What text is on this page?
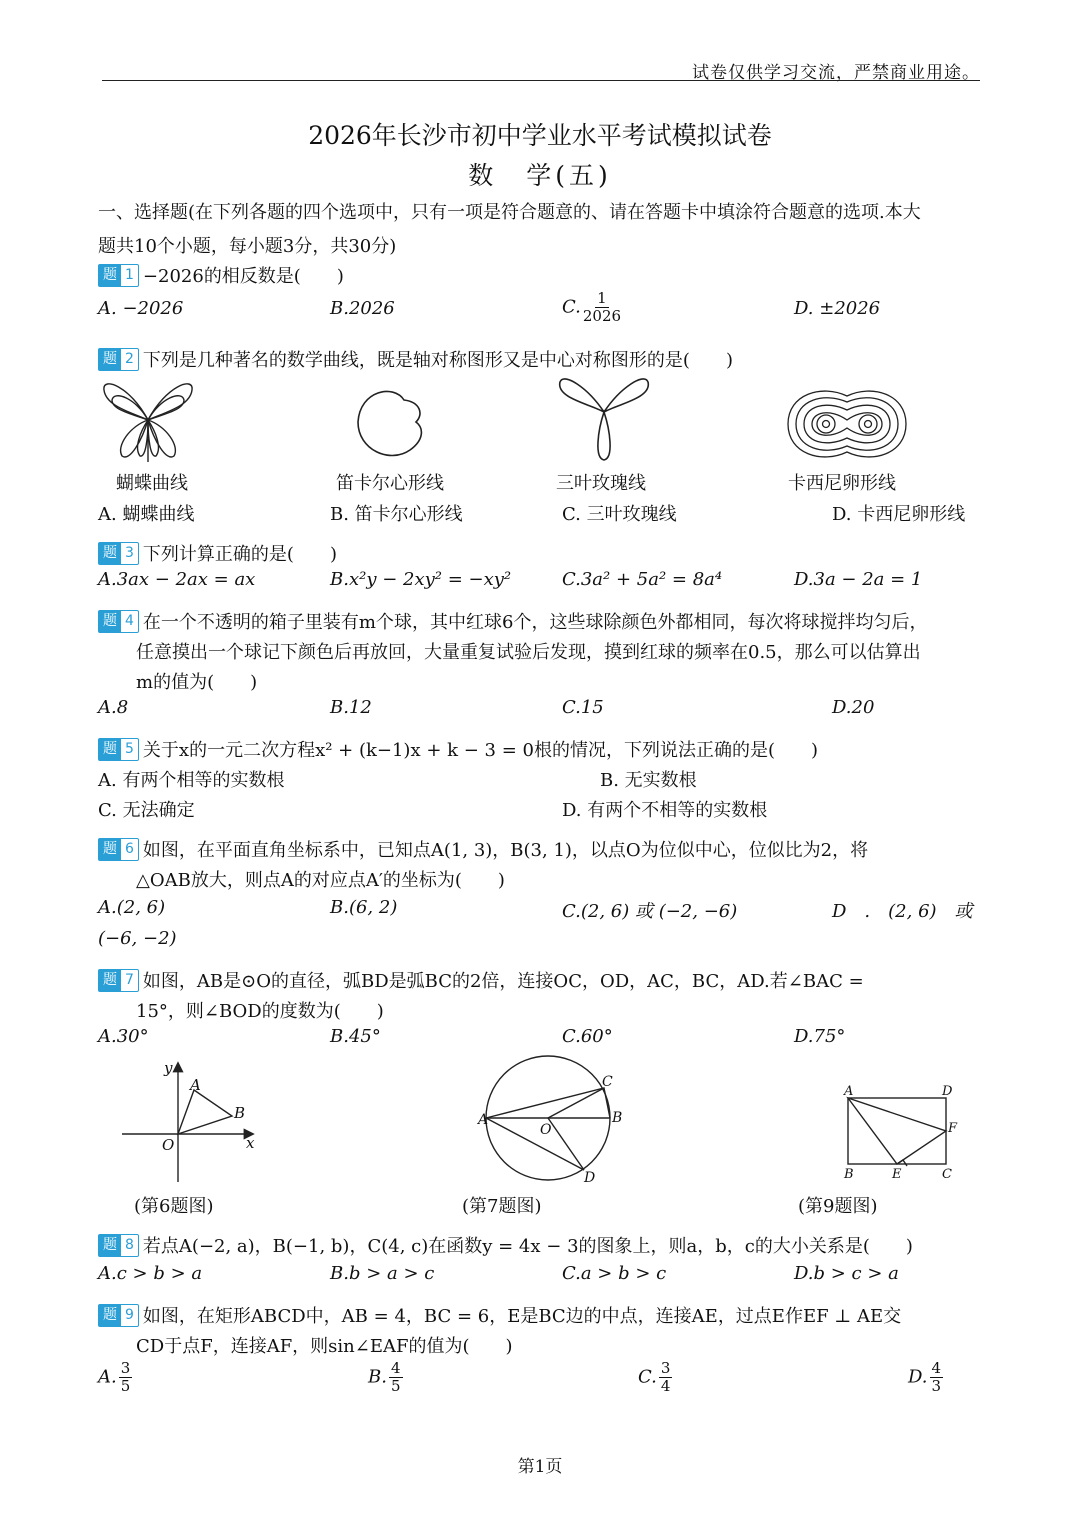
试卷仅供学习交流，严禁商业用途。
2026年长沙市初中学业水平考试模拟试卷
数　学(五)
一、选择题(在下列各题的四个选项中，只有一项是符合题意的、请在答题卡中填涂符合题意的选项.本大
题共10个小题，每小题3分，共30分)
题 1 −2026的相反数是(　　)
A. −2026	B.2026	C. $\frac{1}{2026}$	D. ±2026
题 2 下列是几种著名的数学曲线，既是轴对称图形又是中心对称图形的是(　　)
蝴蝶曲线	笛卡尔心形线	三叶玫瑰线	卡西尼卵形线
A. 蝴蝶曲线	B. 笛卡尔心形线	C. 三叶玫瑰线	D. 卡西尼卵形线
题 3 下列计算正确的是(　　)
A.3ax − 2ax = ax	B.x²y − 2xy² = −xy²	C.3a² + 5a² = 8a⁴	D.3a − 2a = 1
题 4 在一个不透明的箱子里装有m个球，其中红球6个，这些球除颜色外都相同，每次将球搅拌均匀后，
任意摸出一个球记下颜色后再放回，大量重复试验后发现，摸到红球的频率在0.5，那么可以估算出
m的值为(　　)
A.8	B.12	C.15	D.20
题 5 关于x的一元二次方程x² + (k−1)x + k − 3 = 0根的情况，下列说法正确的是(　　)
A. 有两个相等的实数根	B. 无实数根
C. 无法确定	D. 有两个不相等的实数根
题 6 如图，在平面直角坐标系中，已知点A(1, 3)，B(3, 1)，以点O为位似中心，位似比为2，将
△OAB放大，则点A的对应点A′的坐标为(　　)
A.(2, 6)	B.(6, 2)	C.(2, 6) 或 (−2, −6)	D　.　(2, 6)　或
(−6, −2)
题 7 如图，AB是⊙O的直径，弧BD是弧BC的2倍，连接OC，OD，AC，BC，AD.若∠BAC =
15°，则∠BOD的度数为(　　)
A.30°	B.45°	C.60°	D.75°
y
x
O
A
B
(第6题图)
A	B
C
D
O
(第7题图)
A	D
B	C
E
F
(第9题图)
题 8 若点A(−2, a)，B(−1, b)，C(4, c)在函数y = 4x − 3的图象上，则a，b，c的大小关系是(　　)
A.c > b > a	B.b > a > c	C.a > b > c	D.b > c > a
题 9 如图，在矩形ABCD中，AB = 4，BC = 6，E是BC边的中点，连接AE，过点E作EF ⊥ AE交
CD于点F，连接AF，则sin∠EAF的值为(　　)
A. $\frac{3}{5}$	B. $\frac{4}{5}$	C. $\frac{3}{4}$	D. $\frac{4}{3}$
第1页
